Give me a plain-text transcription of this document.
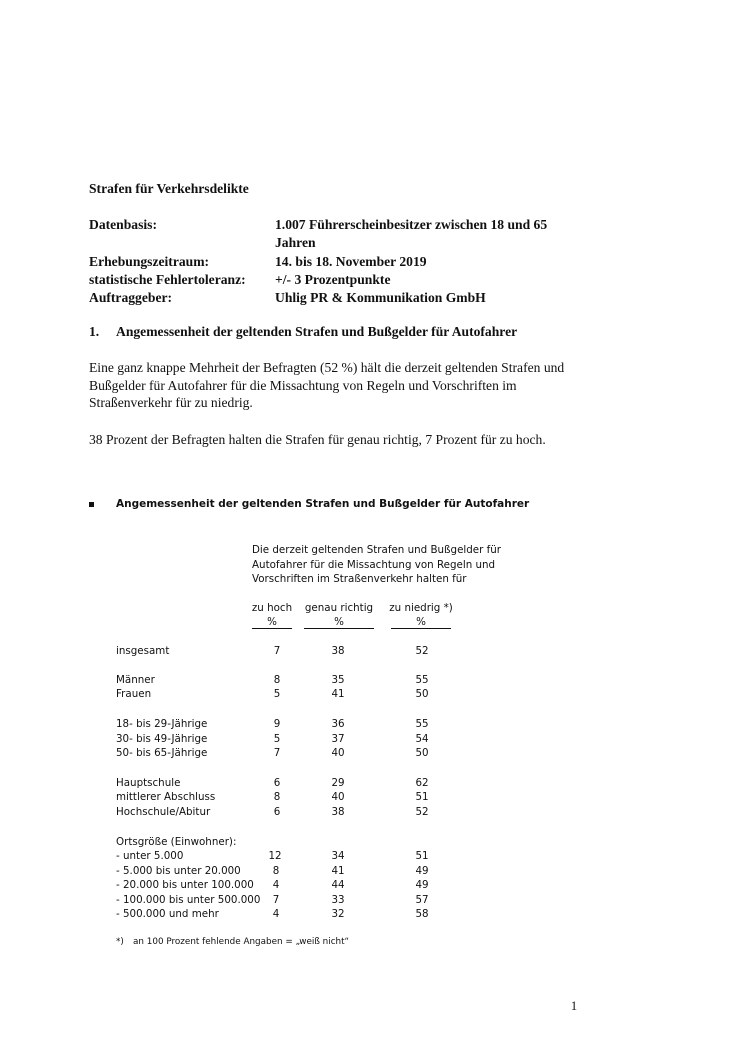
Strafen für Verkehrsdelikte
Datenbasis:	1.007 Führerscheinbesitzer zwischen 18 und 65 Jahren
Erhebungszeitraum:	14. bis 18. November 2019
statistische Fehlertoleranz:	+/- 3 Prozentpunkte
Auftraggeber:	Uhlig PR & Kommunikation GmbH
1. Angemessenheit der geltenden Strafen und Bußgelder für Autofahrer
Eine ganz knappe Mehrheit der Befragten (52 %) hält die derzeit geltenden Strafen und Bußgelder für Autofahrer für die Missachtung von Regeln und Vorschriften im Straßenverkehr für zu niedrig.
38 Prozent der Befragten halten die Strafen für genau richtig, 7 Prozent für zu hoch.
Angemessenheit der geltenden Strafen und Bußgelder für Autofahrer
Die derzeit geltenden Strafen und Bußgelder für
Autofahrer für die Missachtung von Regeln und
Vorschriften im Straßenverkehr halten für
zu hoch	genau richtig	zu niedrig *)
%	%	%
insgesamt	7	38	52
Männer	8	35	55
Frauen	5	41	50
18- bis 29-Jährige	9	36	55
30- bis 49-Jährige	5	37	54
50- bis 65-Jährige	7	40	50
Hauptschule	6	29	62
mittlerer Abschluss	8	40	51
Hochschule/Abitur	6	38	52
Ortsgröße (Einwohner):
- unter 5.000	12	34	51
- 5.000 bis unter 20.000	8	41	49
- 20.000 bis unter 100.000	4	44	49
- 100.000 bis unter 500.000	7	33	57
- 500.000 und mehr	4	32	58
*) an 100 Prozent fehlende Angaben = „weiß nicht“
1
